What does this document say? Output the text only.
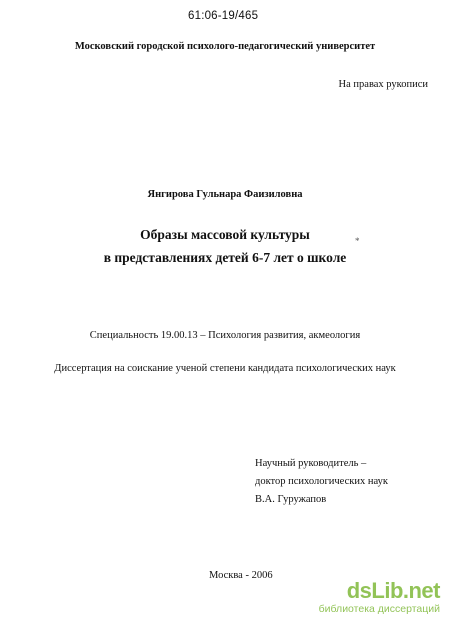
61:06-19/465
Московский городской психолого-педагогический университет
На правах рукописи
Янгирова Гульнара Фаизиловна
Образы массовой культуры
в представлениях детей 6-7 лет о школе
*
Специальность 19.00.13 – Психология развития, акмеология
Диссертация на соискание ученой степени кандидата психологических наук
Научный руководитель –
доктор психологических наук
В.А. Гуружапов
Москва - 2006
dsLib.net
библиотека диссертаций
